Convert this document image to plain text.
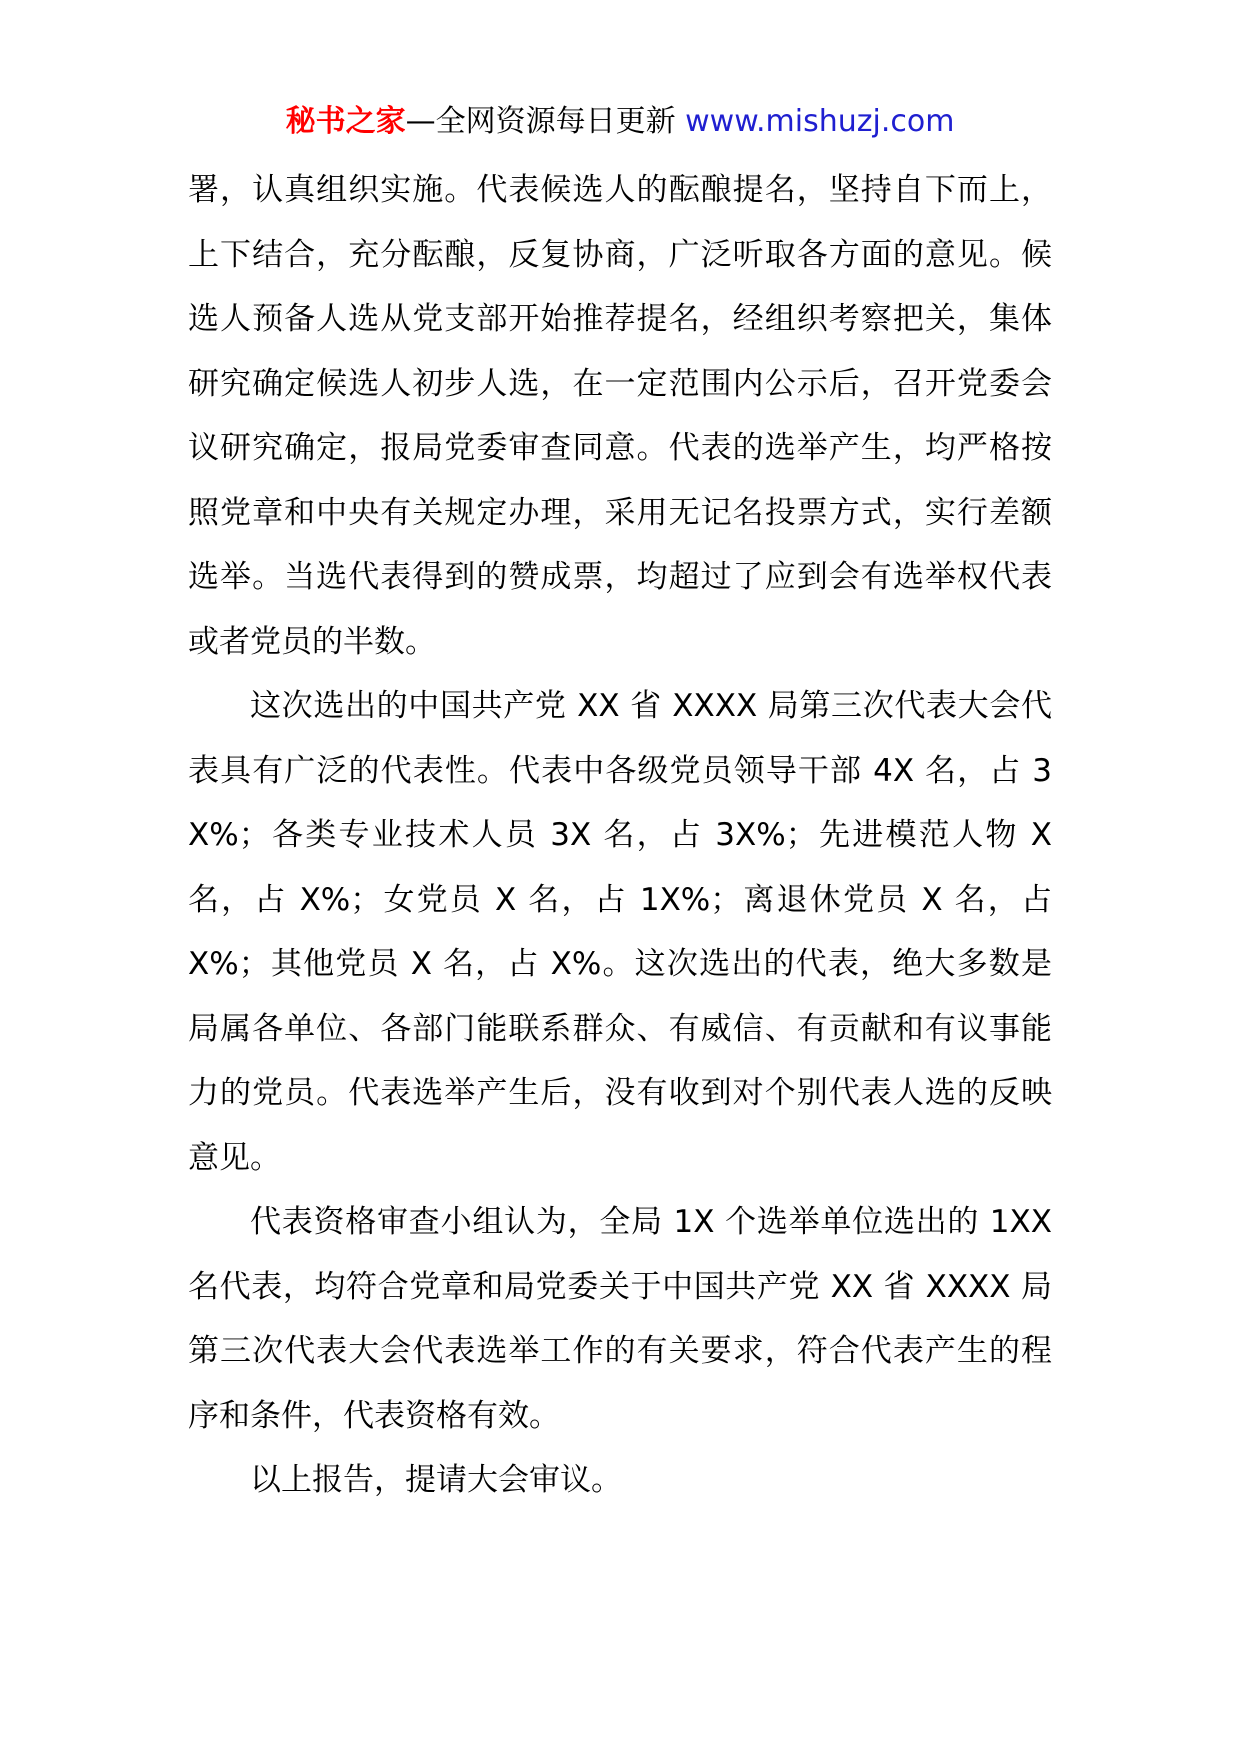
秘书之家—全网资源每日更新 www.mishuzj.com

署，认真组织实施。代表候选人的酝酿提名，坚持自下而上，上下结合，充分酝酿，反复协商，广泛听取各方面的意见。候选人预备人选从党支部开始推荐提名，经组织考察把关，集体研究确定候选人初步人选，在一定范围内公示后，召开党委会议研究确定，报局党委审查同意。代表的选举产生，均严格按照党章和中央有关规定办理，采用无记名投票方式，实行差额选举。当选代表得到的赞成票，均超过了应到会有选举权代表或者党员的半数。

这次选出的中国共产党 XX 省 XXXX 局第三次代表大会代表具有广泛的代表性。代表中各级党员领导干部 4X 名，占 3X%；各类专业技术人员 3X 名，占 3X%；先进模范人物 X 名，占 X%；女党员 X 名，占 1X%；离退休党员 X 名，占 X%；其他党员 X 名，占 X%。这次选出的代表，绝大多数是局属各单位、各部门能联系群众、有威信、有贡献和有议事能力的党员。代表选举产生后，没有收到对个别代表人选的反映意见。

代表资格审查小组认为，全局 1X 个选举单位选出的 1XX 名代表，均符合党章和局党委关于中国共产党 XX 省 XXXX 局第三次代表大会代表选举工作的有关要求，符合代表产生的程序和条件，代表资格有效。

以上报告，提请大会审议。
